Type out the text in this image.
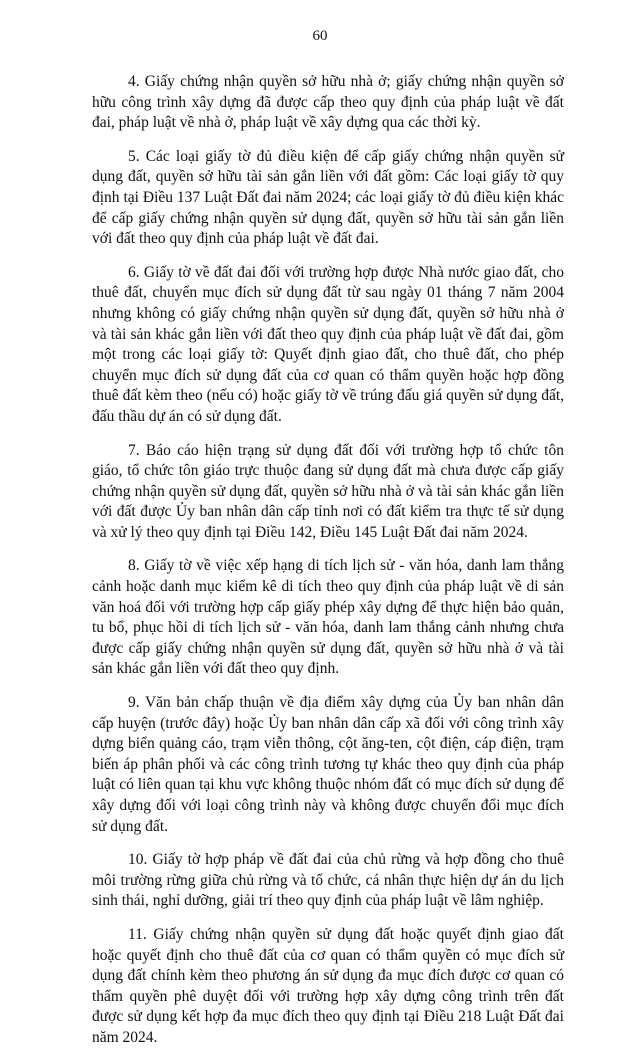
60

4. Giấy chứng nhận quyền sở hữu nhà ở; giấy chứng nhận quyền sở hữu công trình xây dựng đã được cấp theo quy định của pháp luật về đất đai, pháp luật về nhà ở, pháp luật về xây dựng qua các thời kỳ.

5. Các loại giấy tờ đủ điều kiện để cấp giấy chứng nhận quyền sử dụng đất, quyền sở hữu tài sản gắn liền với đất gồm: Các loại giấy tờ quy định tại Điều 137 Luật Đất đai năm 2024; các loại giấy tờ đủ điều kiện khác để cấp giấy chứng nhận quyền sử dụng đất, quyền sở hữu tài sản gắn liền với đất theo quy định của pháp luật về đất đai.

6. Giấy tờ về đất đai đối với trường hợp được Nhà nước giao đất, cho thuê đất, chuyển mục đích sử dụng đất từ sau ngày 01 tháng 7 năm 2004 nhưng không có giấy chứng nhận quyền sử dụng đất, quyền sở hữu nhà ở và tài sản khác gắn liền với đất theo quy định của pháp luật về đất đai, gồm một trong các loại giấy tờ: Quyết định giao đất, cho thuê đất, cho phép chuyển mục đích sử dụng đất của cơ quan có thẩm quyền hoặc hợp đồng thuê đất kèm theo (nếu có) hoặc giấy tờ về trúng đấu giá quyền sử dụng đất, đấu thầu dự án có sử dụng đất.

7. Báo cáo hiện trạng sử dụng đất đối với trường hợp tổ chức tôn giáo, tổ chức tôn giáo trực thuộc đang sử dụng đất mà chưa được cấp giấy chứng nhận quyền sử dụng đất, quyền sở hữu nhà ở và tài sản khác gắn liền với đất được Ủy ban nhân dân cấp tỉnh nơi có đất kiểm tra thực tế sử dụng và xử lý theo quy định tại Điều 142, Điều 145 Luật Đất đai năm 2024.

8. Giấy tờ về việc xếp hạng di tích lịch sử - văn hóa, danh lam thắng cảnh hoặc danh mục kiểm kê di tích theo quy định của pháp luật về di sản văn hoá đối với trường hợp cấp giấy phép xây dựng để thực hiện bảo quản, tu bổ, phục hồi di tích lịch sử - văn hóa, danh lam thắng cảnh nhưng chưa được cấp giấy chứng nhận quyền sử dụng đất, quyền sở hữu nhà ở và tài sản khác gắn liền với đất theo quy định.

9. Văn bản chấp thuận về địa điểm xây dựng của Ủy ban nhân dân cấp huyện (trước đây) hoặc Ủy ban nhân dân cấp xã đối với công trình xây dựng biển quảng cáo, trạm viễn thông, cột ăng-ten, cột điện, cáp điện, trạm biến áp phân phối và các công trình tương tự khác theo quy định của pháp luật có liên quan tại khu vực không thuộc nhóm đất có mục đích sử dụng để xây dựng đối với loại công trình này và không được chuyển đổi mục đích sử dụng đất.

10. Giấy tờ hợp pháp về đất đai của chủ rừng và hợp đồng cho thuê môi trường rừng giữa chủ rừng và tổ chức, cá nhân thực hiện dự án du lịch sinh thái, nghỉ dưỡng, giải trí theo quy định của pháp luật về lâm nghiệp.

11. Giấy chứng nhận quyền sử dụng đất hoặc quyết định giao đất hoặc quyết định cho thuê đất của cơ quan có thẩm quyền có mục đích sử dụng đất chính kèm theo phương án sử dụng đa mục đích được cơ quan có thẩm quyền phê duyệt đối với trường hợp xây dựng công trình trên đất được sử dụng kết hợp đa mục đích theo quy định tại Điều 218 Luật Đất đai năm 2024.
